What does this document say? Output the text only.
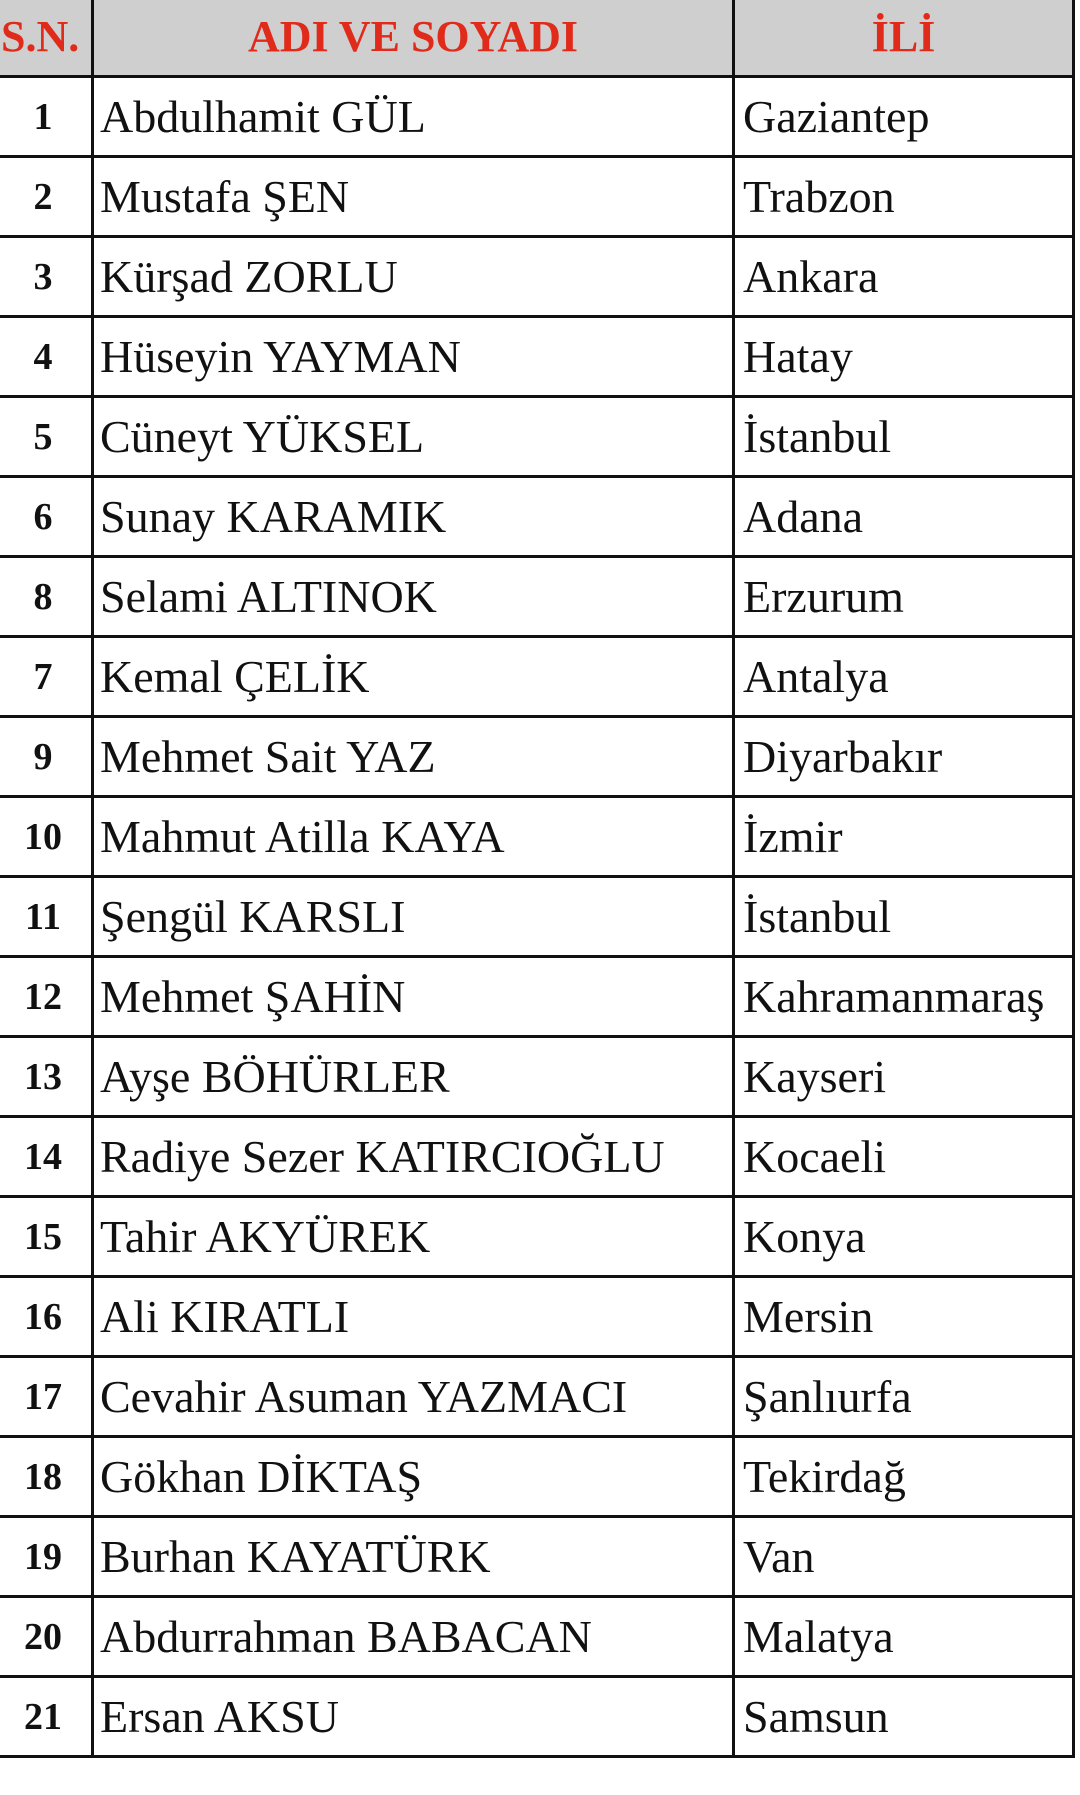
S.N.	ADI VE SOYADI	İLİ
1	Abdulhamit GÜL	Gaziantep
2	Mustafa ŞEN	Trabzon
3	Kürşad ZORLU	Ankara
4	Hüseyin YAYMAN	Hatay
5	Cüneyt YÜKSEL	İstanbul
6	Sunay KARAMIK	Adana
8	Selami ALTINOK	Erzurum
7	Kemal ÇELİK	Antalya
9	Mehmet Sait YAZ	Diyarbakır
10	Mahmut Atilla KAYA	İzmir
11	Şengül KARSLI	İstanbul
12	Mehmet ŞAHİN	Kahramanmaraş
13	Ayşe BÖHÜRLER	Kayseri
14	Radiye Sezer KATIRCIOĞLU	Kocaeli
15	Tahir AKYÜREK	Konya
16	Ali KIRATLI	Mersin
17	Cevahir Asuman YAZMACI	Şanlıurfa
18	Gökhan DİKTAŞ	Tekirdağ
19	Burhan KAYATÜRK	Van
20	Abdurrahman BABACAN	Malatya
21	Ersan AKSU	Samsun
